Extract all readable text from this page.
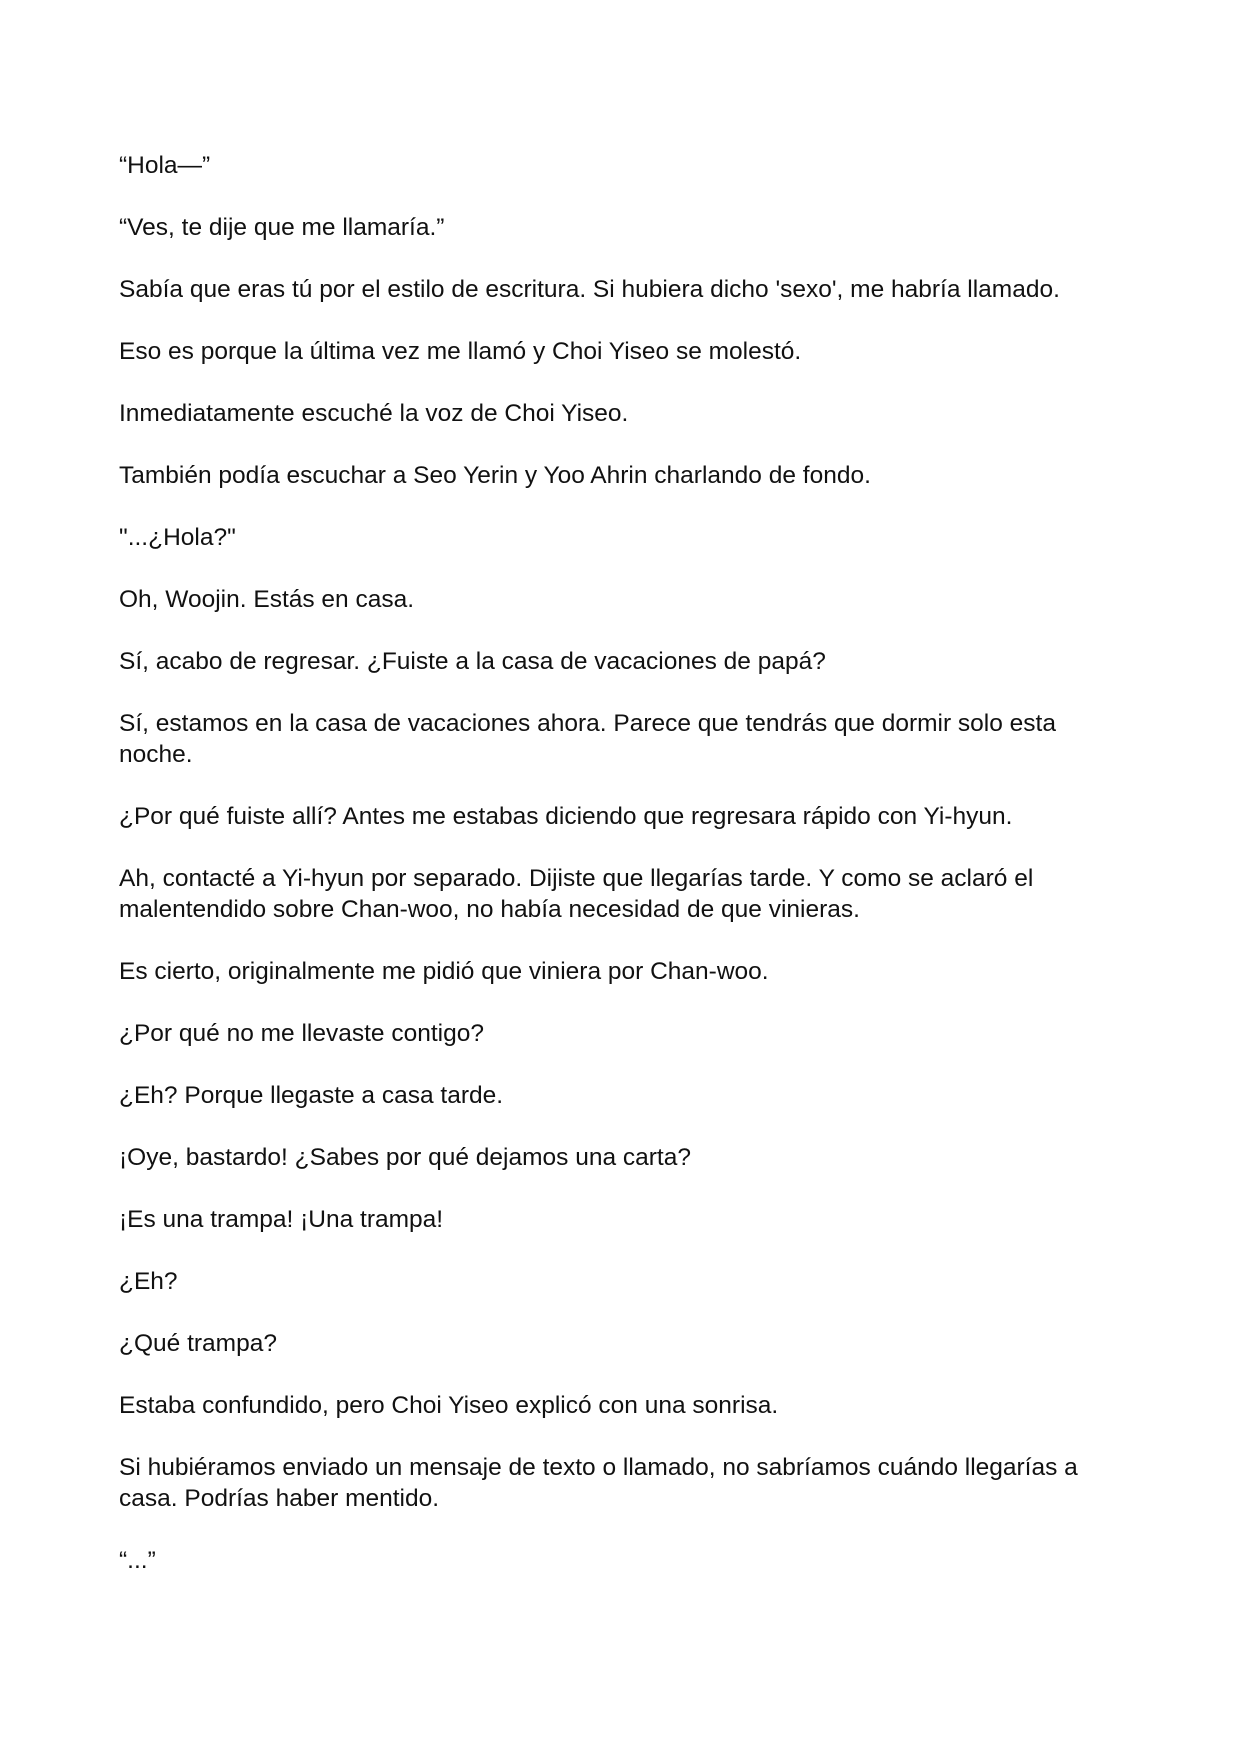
“Hola—”

“Ves, te dije que me llamaría.”

Sabía que eras tú por el estilo de escritura. Si hubiera dicho 'sexo', me habría llamado.

Eso es porque la última vez me llamó y Choi Yiseo se molestó.

Inmediatamente escuché la voz de Choi Yiseo.

También podía escuchar a Seo Yerin y Yoo Ahrin charlando de fondo.

"...¿Hola?"

Oh, Woojin. Estás en casa.

Sí, acabo de regresar. ¿Fuiste a la casa de vacaciones de papá?

Sí, estamos en la casa de vacaciones ahora. Parece que tendrás que dormir solo esta noche.

¿Por qué fuiste allí? Antes me estabas diciendo que regresara rápido con Yi-hyun.

Ah, contacté a Yi-hyun por separado. Dijiste que llegarías tarde. Y como se aclaró el malentendido sobre Chan-woo, no había necesidad de que vinieras.

Es cierto, originalmente me pidió que viniera por Chan-woo.

¿Por qué no me llevaste contigo?

¿Eh? Porque llegaste a casa tarde.

¡Oye, bastardo! ¿Sabes por qué dejamos una carta?

¡Es una trampa! ¡Una trampa!

¿Eh?

¿Qué trampa?

Estaba confundido, pero Choi Yiseo explicó con una sonrisa.

Si hubiéramos enviado un mensaje de texto o llamado, no sabríamos cuándo llegarías a casa. Podrías haber mentido.

“...”
